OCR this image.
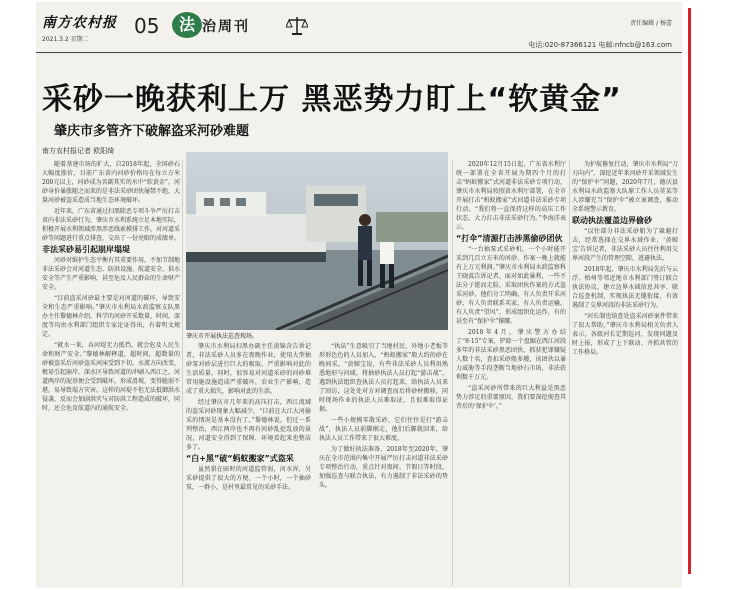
南方农村报
2021.3.2 星期二
05	法 治周刊	责任编辑 / 杨蕾
电话:020-87366121 电邮:nfncb@163.com
采砂一晚获利上万 黑恶势力盯上“软黄金”
肇庆市多管齐下破解盗采河砂难题
南方农村报记者 欧阳绮

随着基建市场的扩大，自2018年起，全国砂石大幅度涨价，目前广东省内河砂价格均在每立方米200元以上，河砂成为名副其实的水中“软黄金”，河砂身价暴涨随之而来的是非法采砂团伙屡禁不绝，大量河砂被盗采造成当地生态环境破坏。

近年来，广东省通过扫黑除恶专项斗争严厉打击省内非法采砂行为，肇庆市水利系统立足本地实际，积极开展水利领域涉黑涉恶线索摸排工作，对河道采砂等问题进行重点排查，交出了一份亮眼的成绩单。

非法采砂易引起崩岸塌堤

河砂对维护生态平衡有其重要作用，不加节制地非法采砂会对河道生态、防洪设施、航道安全、供水安全等产生严重影响，甚至危及人民群众的生命财产安全。

“目前盗采河砂最主要是对河道的破坏，导致安全和生态严重影响。”肇庆市水利局水政监察支队黑办主任黎德林介绍，科学的河砂开采数量，时间，深度等均由水利部门组织专家论证得出，有着明文规定。

“就水一来，吞河堤无力抵挡，就会危及人民生命和财产安全。”黎德林解释道，超时间，超数量的砂被盗采后河砂盗采河床受到下切，水流方向改变，极易引起崩岸，深水区导致河道的冲刷入西江之，河道两岸的泥基便会受到破坏，形成滑坡，变得脆弱不堪，易导致塌方灾害。这样的河堤不但无法抵御洪水侵袭，反而会加剧洪灾与对防洪工程造成的破坏，同时，还会危及航道内的通航安全。

肇庆市开展执法巡查现场。

肇庆市水利局扫黑办副主任黄锦含告诉记者，非法采砂人员多在夜晚作业，使用大型抽砂泵对砂层进行巨大的吸取，严重影响对此的生活质量。同时，很容易对河道采砂的河砂堆常用施设施造成严重破坏，农业生产影响，造成了重大损失，影响对此的生活。

经过肇庆市几年来的高压打击，西江流域的盗采河砂现象大幅减少，“目前在大江大河偷采的情况是基本没有了。”黎德林说，但过一系列整治，西江两岸也不再有河砂乱挖乱放的景况，河道安全得到了保障，环境看起来也整洁多了。

“白+黑”破“蚂蚁搬家”式盗采

虽然猖在暗时的河道监管弱，河水浑，另采砂提供了很大的方便，一个小时，一个抽砂泵，一群小，是村里最常见的采砂手法。

“执法”生意吸引了当地村民，外地小老板等形形色色的人员加入，“蚂蚁搬家”般大约的砂在晚间采，“黄鲸宝说，有些非法采砂人员利用熟悉地形与河域，将抽砂执法人员打起“游击战”，遇到执法组织查执法人员打起来，给执法人员来了回访，这处处对方对调查而后将砂材搬移，同时现场作业的执法人员难取证，且很难取得证据。

一些小规模零散采砂，它们往往是打“游击战”，执法人员前脚刚走，他们后脚就回来，给执法人员工作带来了很大难度。

为了做好执法准备，2018年至2020年，肇庆在全市范围内集中开展严厉打击河道非法采砂专项整治行动，重点针对夜间、节假日等时段，加强巡查与联合执法，有力遏制了非法采砂的势头。

2020年12月15日起，广东省水利厅统一部署在全省开展为期四个月的打击“蚂蚁搬家”式河道非法采砂专项行动，肇庆市水利局按照省水利厅部署，在全市开展打击“蚂蚁搬家”式河道非法采砂专项行动。“我们将一直保持这样的高压工作状态，大力打击非法采砂行为。”李海洋表示。

“打伞”清源打击涉黑偷砂团伙

“一台抽泵式采砂机，一个小时能开采到几百立方米的河砂，作案一晚上就能有上万元利润。”肇庆市水利局水政监察科王晓波告诉记者，面对如此暴利，一些不法分子铤而走险，采取团伙作案的方式盗采河砂，他们分工明确，有人负责开采河砂，有人负责联系买家，有人负责运输，有人负责“望风”，形成组织化运作，有的甚至有“保护伞”撑腰。

2018年4月，肇庆警方办结了“8·15”专案，铲除一个盘踞在西江河段多年的非法采砂黑恶团伙，抓获犯罪嫌疑人数十名，查扣采砂船多艘，该团伙以暴力威胁等手段垄断当地砂石市场，非法获利数千万元。

“盗采河砂所带来的巨大利益是黑恶势力涉足的重要原因，我们要深挖彻查其背后的‘保护伞’。”

为护航修复行动，肇庆市水利局“刀刃向内”，深挖近年来河砂开采领域发生的“保护伞”问题，2020年7月，德庆县水利局水政监察大队原工作人员莫某等人涉嫌充当“保护伞”被立案调查，推动全系统警示教育。

联动执法覆盖边界偷砂

“以往部分非法采砂船为了躲避打击，经常选择在交界水域作业，‘黄鲸宝’告诉记者，非法采砂人员往往利用交界河段产生的管理空隙，逃避执法。

2018年起，肇庆市水利局先后与云浮、梧州等邻近地市水利部门签订联合执法协议，建立边界水域信息共享、联合巡查机制，实现执法无缝衔接，有效遏制了交界河段的非法采砂行为。

“河长制也给查处盗采河砂案件带来了很大帮助，”肇庆市水利局相关负责人表示，各级河长定期巡河，发现问题及时上报，形成了上下联动、齐抓共管的工作格局。
